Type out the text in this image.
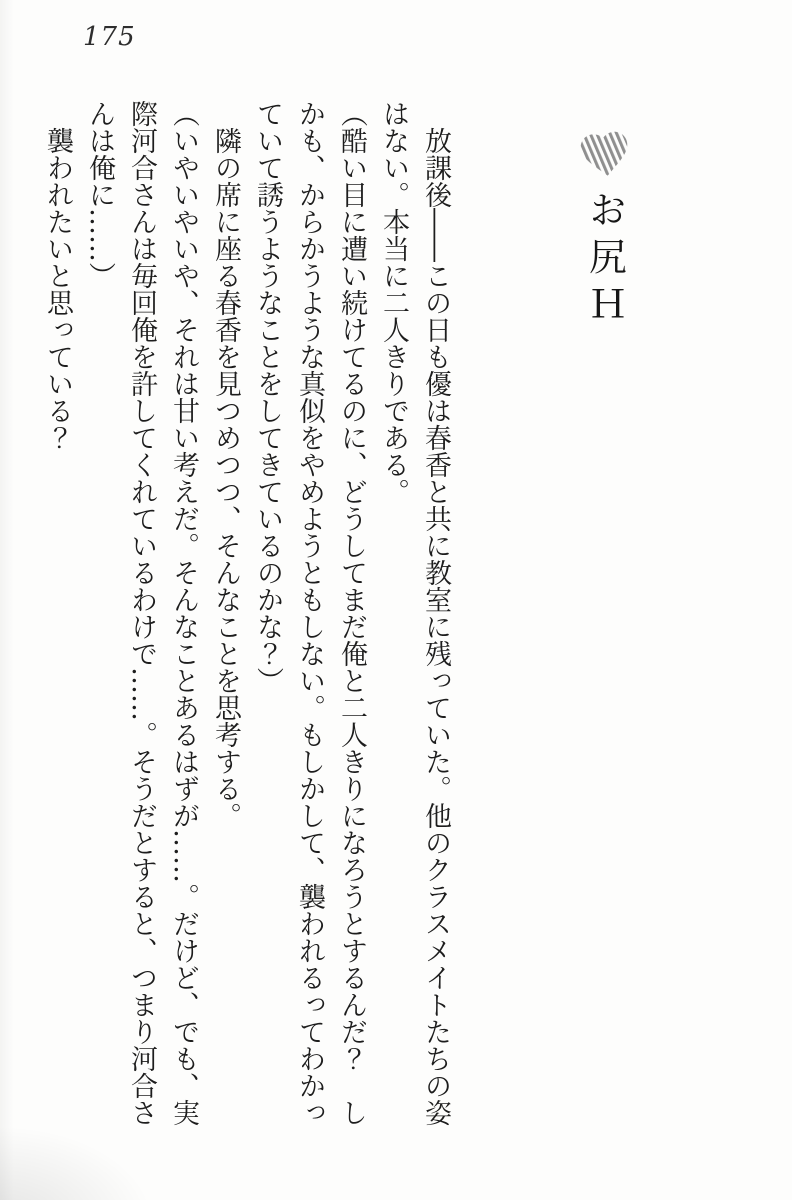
175
お尻Ｈ

放課後――この日も優は春香と共に教室に残っていた。他のクラスメイトたちの姿はない。本当に二人きりである。

（酷い目に遭い続けてるのに、どうしてまだ俺と二人きりになろうとするんだ？　しかも、からかうような真似をやめようともしない。もしかして、襲われるってわかっていて誘うようなことをしてきているのかな？）

隣の席に座る春香を見つめつつ、そんなことを思考する。

（いやいやいや、それは甘い考えだ。そんなことあるはずが……。だけど、でも、実際河合さんは毎回俺を許してくれているわけで……。そうだとすると、つまり河合さんは俺に……）

襲われたいと思っている？
